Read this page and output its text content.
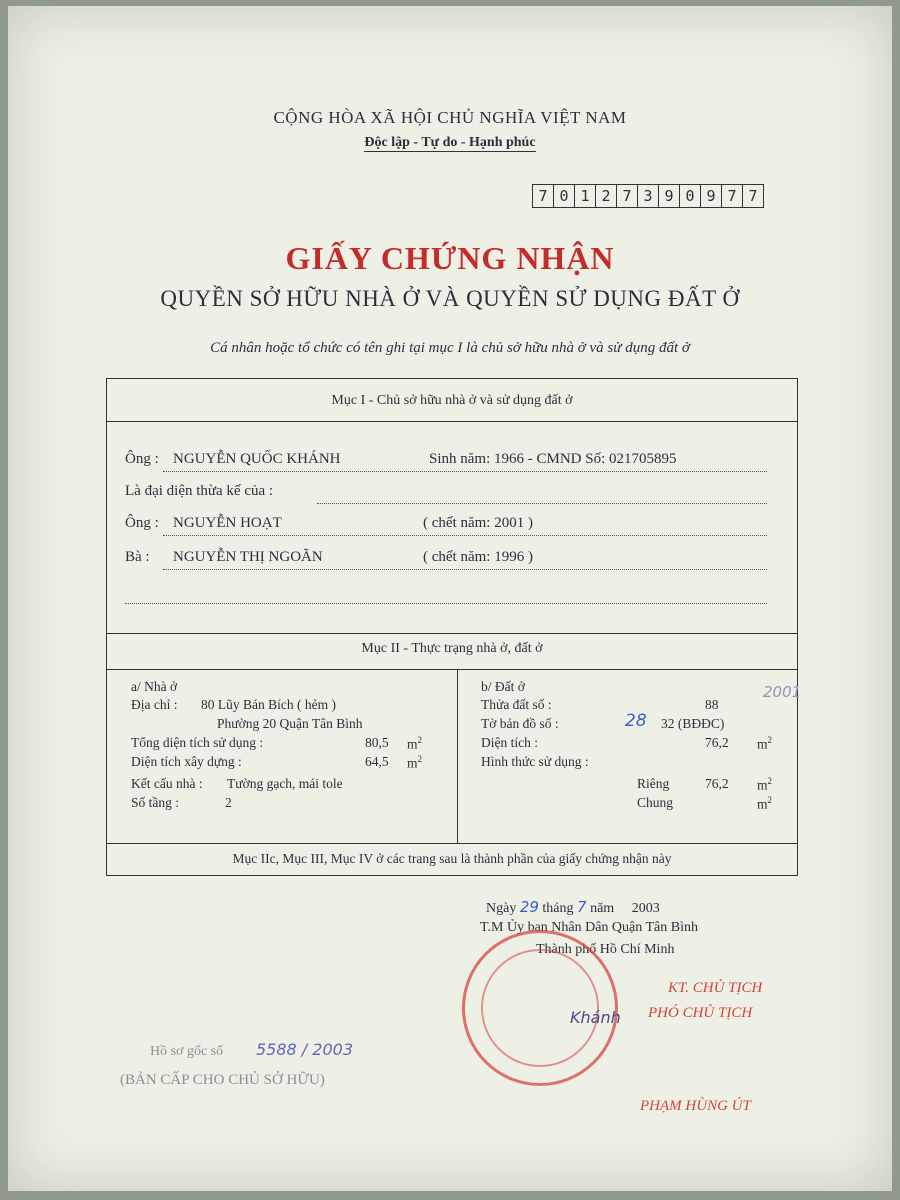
CỘNG HÒA XÃ HỘI CHỦ NGHĨA VIỆT NAM
Độc lập - Tự do - Hạnh phúc
7 0 1 2 7 3 9 0 9 7 7
GIẤY CHỨNG NHẬN
QUYỀN SỞ HỮU NHÀ Ở VÀ QUYỀN SỬ DỤNG ĐẤT Ở
Cá nhân hoặc tổ chức có tên ghi tại mục I là chủ sở hữu nhà ở và sử dụng đất ở
Mục I - Chủ sở hữu nhà ở và sử dụng đất ở
Ông : NGUYỄN QUỐC KHÁNH	Sinh năm: 1966 - CMND Số: 021705895
Là đại diện thừa kế của :
Ông : NGUYỄN HOẠT	( chết năm: 2001 )
Bà : NGUYỄN THỊ NGOÃN	( chết năm: 1996 )
Mục II - Thực trạng nhà ở, đất ở
a/ Nhà ở
Địa chỉ : 80 Lũy Bán Bích ( hẻm )
Phường 20 Quận Tân Bình
Tổng diện tích sử dụng :	80,5 $m^2$
Diện tích xây dựng :	64,5 $m^2$
Kết cấu nhà : Tường gạch, mái tole
Số tầng :	2
b/ Đất ở
Thửa đất số :	88
2001
Tờ bản đồ số :	28 32 (BĐĐC)
Diện tích :	76,2 $m^2$
Hình thức sử dụng :
Riêng	76,2 $m^2$
Chung	$m^2$
Mục IIc, Mục III, Mục IV ở các trang sau là thành phần của giấy chứng nhận này
Ngày 29 tháng 7 năm 2003
T.M Ủy ban Nhân Dân Quận Tân Bình
Thành phố Hồ Chí Minh
KT. CHỦ TỊCH
PHÓ CHỦ TỊCH
Khánh
PHẠM HÙNG ÚT
Hồ sơ gốc số 5588 / 2003
(BẢN CẤP CHO CHỦ SỞ HỮU)
